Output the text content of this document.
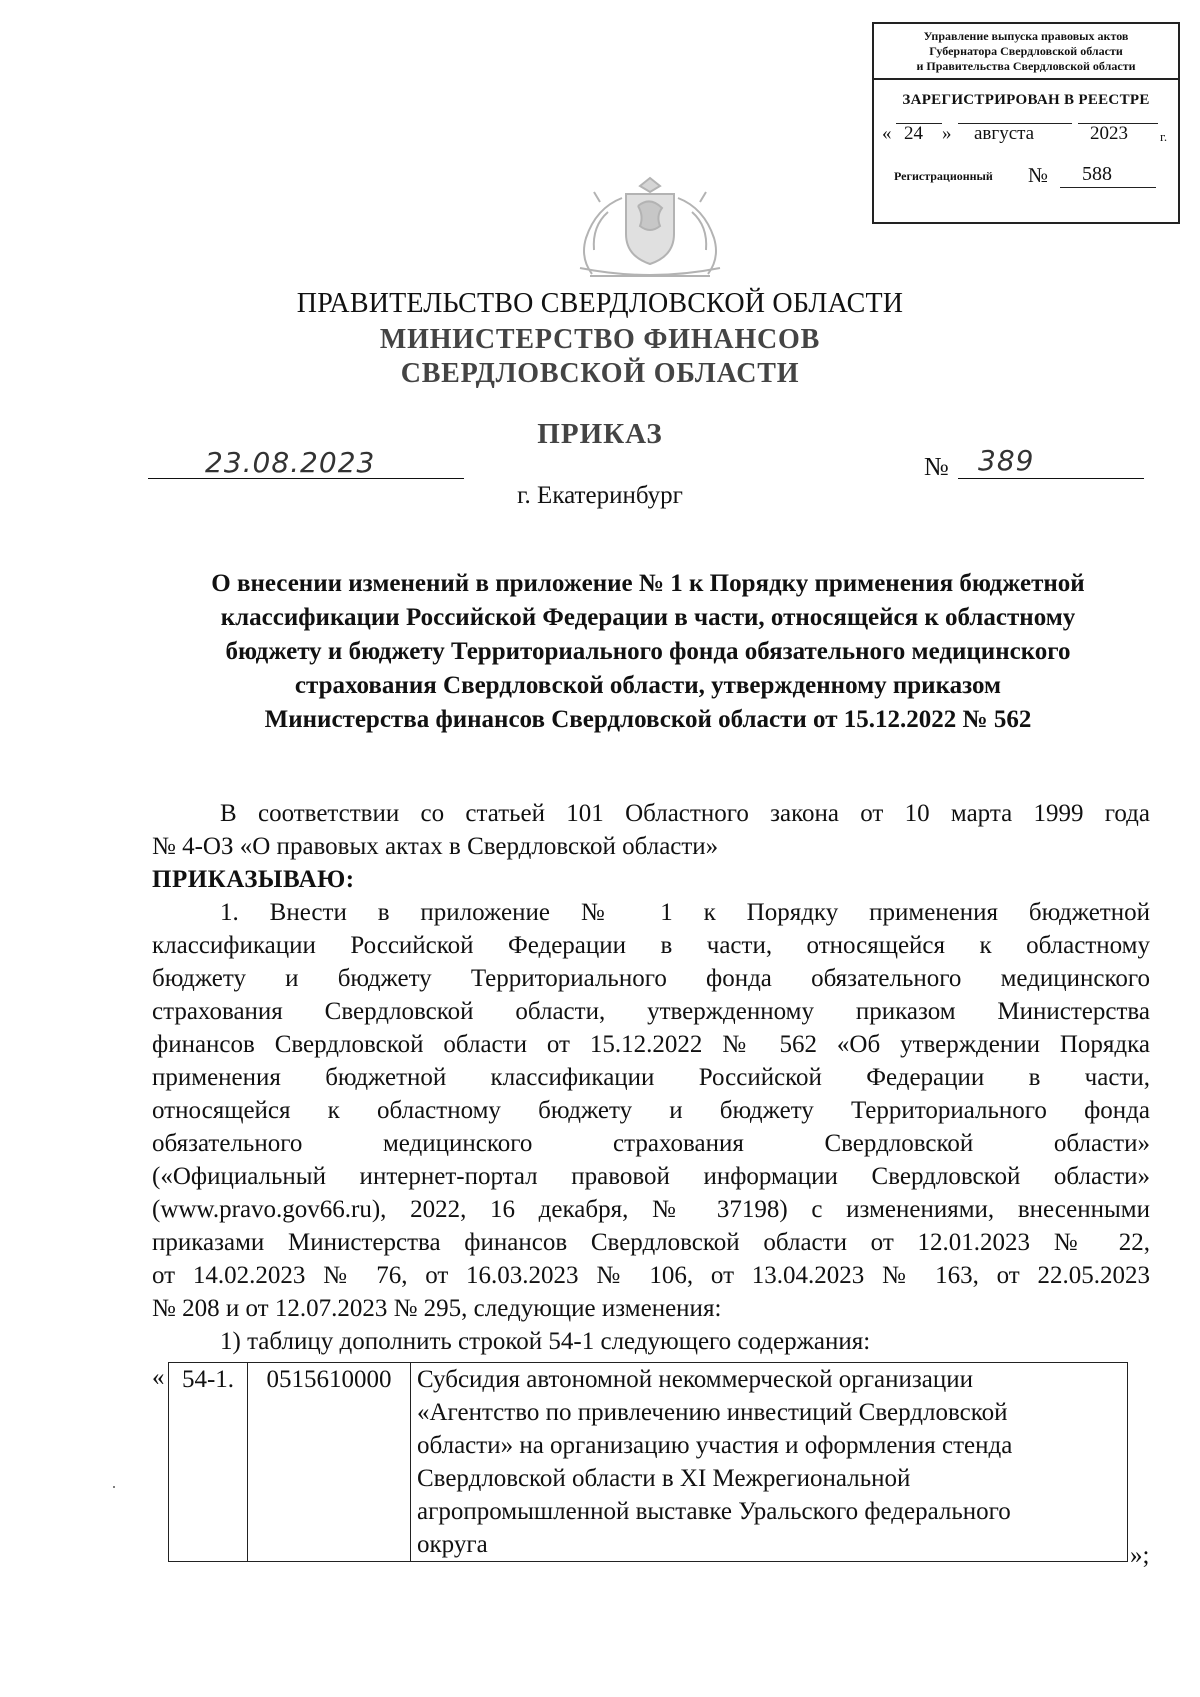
Управление выпуска правовых актов
Губернатора Свердловской области
и Правительства Свердловской области
ЗАРЕГИСТРИРОВАН В РЕЕСТРЕ
« 24 » августа	2023 г.
Регистрационный № 588
ПРАВИТЕЛЬСТВО СВЕРДЛОВСКОЙ ОБЛАСТИ
МИНИСТЕРСТВО ФИНАНСОВ
СВЕРДЛОВСКОЙ ОБЛАСТИ
ПРИКАЗ
23.08.2023	№ 389
г. Екатеринбург
О внесении изменений в приложение № 1 к Порядку применения бюджетной
классификации Российской Федерации в части, относящейся к областному
бюджету и бюджету Территориального фонда обязательного медицинского
страхования Свердловской области, утвержденному приказом
Министерства финансов Свердловской области от 15.12.2022 № 562
В соответствии со статьей 101 Областного закона от 10 марта 1999 года
№ 4-ОЗ «О правовых актах в Свердловской области»
ПРИКАЗЫВАЮ:
1. Внести в приложение № 1 к Порядку применения бюджетной
классификации Российской Федерации в части, относящейся к областному
бюджету и бюджету Территориального фонда обязательного медицинского
страхования Свердловской области, утвержденному приказом Министерства
финансов Свердловской области от 15.12.2022 № 562 «Об утверждении Порядка
применения бюджетной классификации Российской Федерации в части,
относящейся к областному бюджету и бюджету Территориального фонда
обязательного медицинского страхования Свердловской области»
(«Официальный интернет-портал правовой информации Свердловской области»
(www.pravo.gov66.ru), 2022, 16 декабря, № 37198) с изменениями, внесенными
приказами Министерства финансов Свердловской области от 12.01.2023 № 22,
от 14.02.2023 № 76, от 16.03.2023 № 106, от 13.04.2023 № 163, от 22.05.2023
№ 208 и от 12.07.2023 № 295, следующие изменения:
1) таблицу дополнить строкой 54-1 следующего содержания:
« 54-1.	0515610000	Субсидия автономной некоммерческой организации
«Агентство по привлечению инвестиций Свердловской
области» на организацию участия и оформления стенда
Свердловской области в XI Межрегиональной
агропромышленной выставке Уральского федерального
округа	»;
